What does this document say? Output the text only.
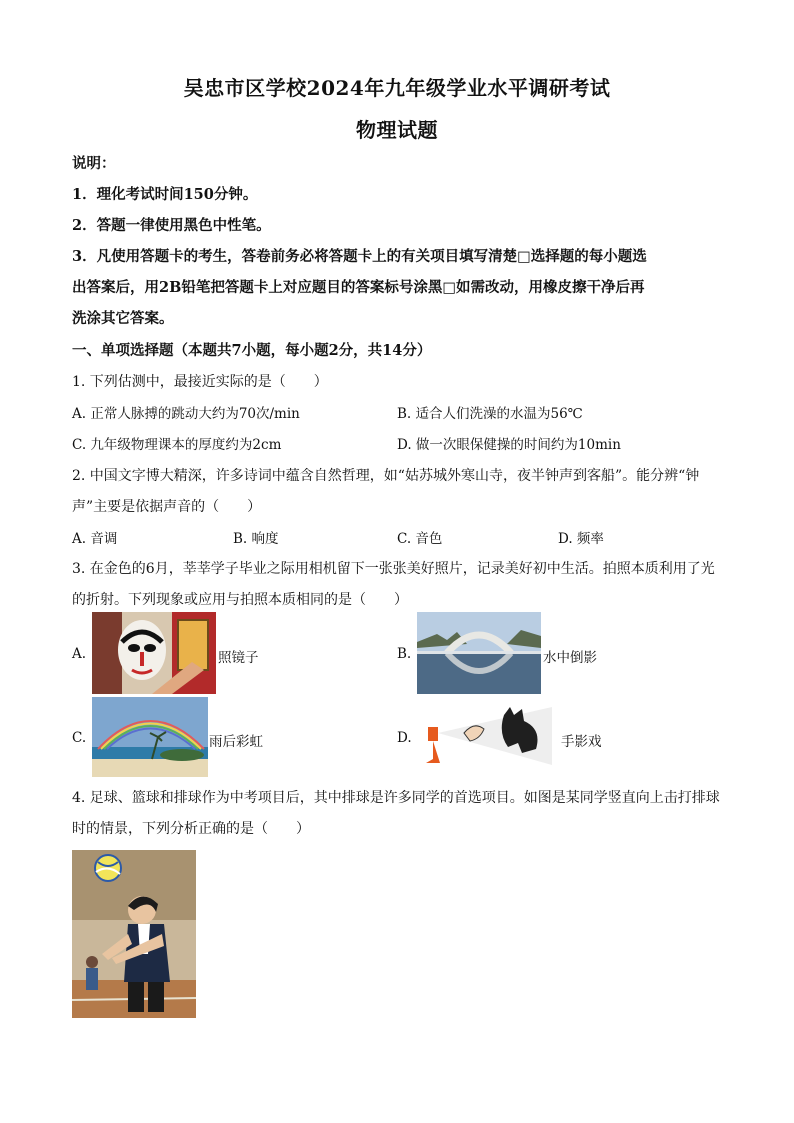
吴忠市区学校2024年九年级学业水平调研考试
物理试题
说明：
1．理化考试时间150分钟。
2．答题一律使用黑色中性笔。
3．凡使用答题卡的考生，答卷前务必将答题卡上的有关项目填写清楚□选择题的每小题选
出答案后，用2B铅笔把答题卡上对应题目的答案标号涂黑□如需改动，用橡皮擦干净后再
洗涂其它答案。
一、单项选择题（本题共7小题，每小题2分，共14分）
1. 下列估测中，最接近实际的是（　　）
A. 正常人脉搏的跳动大约为70次/min	B. 适合人们洗澡的水温为56℃
C. 九年级物理课本的厚度约为2cm	D. 做一次眼保健操的时间约为10min
2. 中国文字博大精深，许多诗词中蕴含自然哲理，如“姑苏城外寒山寺，夜半钟声到客船”。能分辨“钟
声”主要是依据声音的（　　）
A. 音调	B. 响度	C. 音色	D. 频率
3. 在金色的6月，莘莘学子毕业之际用相机留下一张张美好照片，记录美好初中生活。拍照本质利用了光
的折射。下列现象或应用与拍照本质相同的是（　　）
A.	照镜子	B.	水中倒影
C.	雨后彩虹	D.	手影戏
4. 足球、篮球和排球作为中考项目后，其中排球是许多同学的首选项目。如图是某同学竖直向上击打排球
时的情景，下列分析正确的是（　　）
